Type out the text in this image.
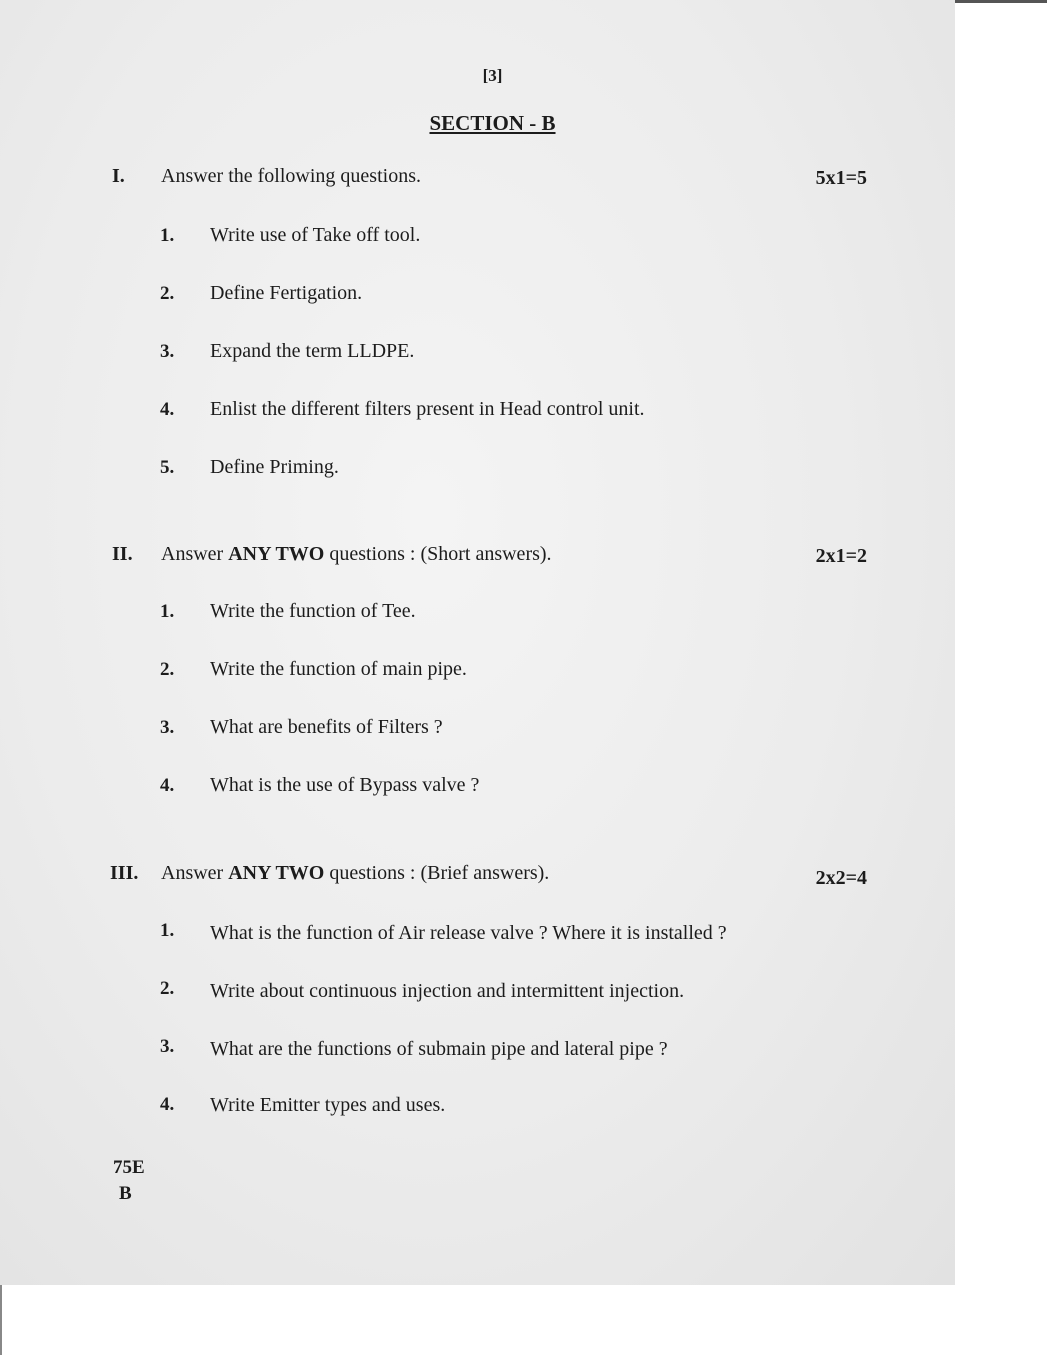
[3]
SECTION - B
I. Answer the following questions.	5x1=5
1. Write use of Take off tool.
2. Define Fertigation.
3. Expand the term LLDPE.
4. Enlist the different filters present in Head control unit.
5. Define Priming.
II. Answer ANY TWO questions : (Short answers).	2x1=2
1. Write the function of Tee.
2. Write the function of main pipe.
3. What are benefits of Filters ?
4. What is the use of Bypass valve ?
III. Answer ANY TWO questions : (Brief answers).	2x2=4
1. What is the function of Air release valve ? Where it is installed ?
2. Write about continuous injection and intermittent injection.
3. What are the functions of submain pipe and lateral pipe ?
4. Write Emitter types and uses.
75E
B
